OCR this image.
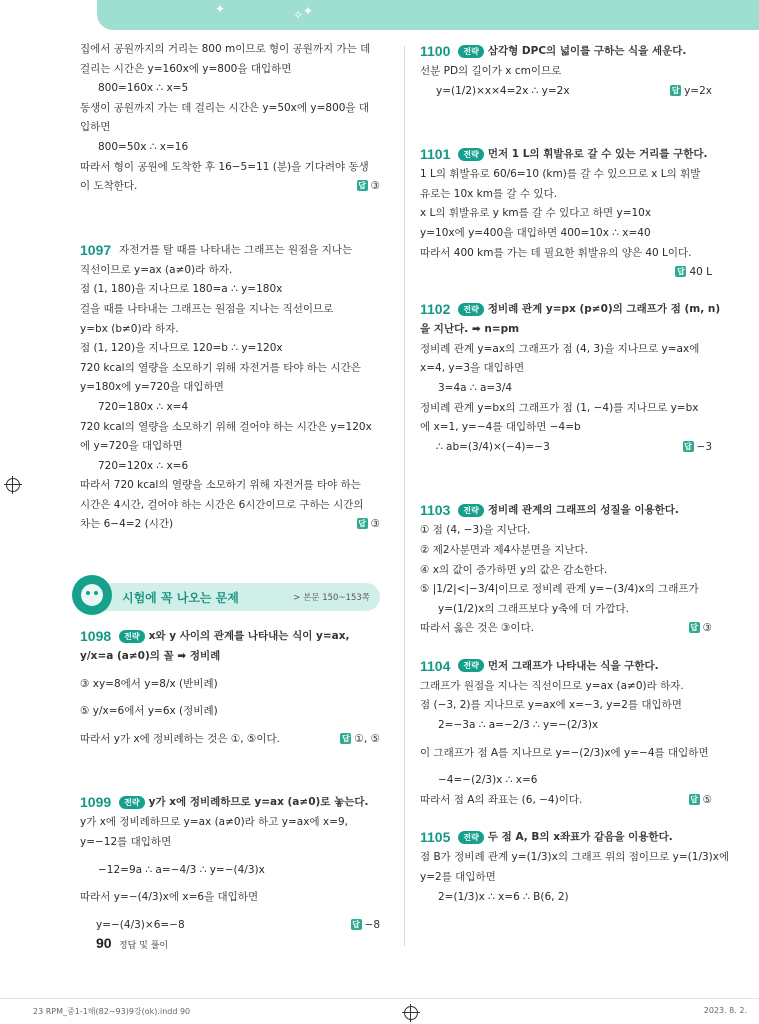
✦	✧ ✦
집에서 공원까지의 거리는 800 m이므로 형이 공원까지 가는 데
걸리는 시간은 y=160x에 y=800을 대입하면
800=160x ∴ x=5
동생이 공원까지 가는 데 걸리는 시간은 y=50x에 y=800을 대
입하면
800=50x ∴ x=16
따라서 형이 공원에 도착한 후 16−5=11 (분)을 기다려야 동생
이 도착한다.	답 ③
1097 자전거를 탈 때를 나타내는 그래프는 원점을 지나는
직선이므로 y=ax (a≠0)라 하자.
점 (1, 180)을 지나므로 180=a ∴ y=180x
걸을 때를 나타내는 그래프는 원점을 지나는 직선이므로
y=bx (b≠0)라 하자.
점 (1, 120)을 지나므로 120=b ∴ y=120x
720 kcal의 열량을 소모하기 위해 자전거를 타야 하는 시간은
y=180x에 y=720을 대입하면
720=180x ∴ x=4
720 kcal의 열량을 소모하기 위해 걸어야 하는 시간은 y=120x
에 y=720을 대입하면
720=120x ∴ x=6
따라서 720 kcal의 열량을 소모하기 위해 자전거를 타야 하는
시간은 4시간, 걸어야 하는 시간은 6시간이므로 구하는 시간의
차는 6−4=2 (시간)	답 ③
시험에 꼭 나오는 문제	> 본문 150~153쪽
1098	전략 x와 y 사이의 관계를 나타내는 식이 y=ax,
y/x=a (a≠0)의 꼴 ➡ 정비례
③ xy=8에서 y=8/x (반비례)
⑤ y/x=6에서 y=6x (정비례)
따라서 y가 x에 정비례하는 것은 ①, ⑤이다.	답 ①, ⑤
1099	전략 y가 x에 정비례하므로 y=ax (a≠0)로 놓는다.
y가 x에 정비례하므로 y=ax (a≠0)라 하고 y=ax에 x=9,
y=−12를 대입하면
−12=9a ∴ a=−4/3 ∴ y=−(4/3)x
따라서 y=−(4/3)x에 x=6을 대입하면
y=−(4/3)×6=−8	답 −8
1100	전략 삼각형 DPC의 넓이를 구하는 식을 세운다.
선분 PD의 길이가 x cm이므로
y=(1/2)×x×4=2x ∴ y=2x	답 y=2x
1101	전략 먼저 1 L의 휘발유로 갈 수 있는 거리를 구한다.
1 L의 휘발유로 60/6=10 (km)를 갈 수 있으므로 x L의 휘발
유로는 10x km를 갈 수 있다.
x L의 휘발유로 y km를 갈 수 있다고 하면 y=10x
y=10x에 y=400을 대입하면 400=10x ∴ x=40
따라서 400 km를 가는 데 필요한 휘발유의 양은 40 L이다.
답 40 L
1102	전략 정비례 관계 y=px (p≠0)의 그래프가 점 (m, n)
을 지난다. ➡ n=pm
정비례 관계 y=ax의 그래프가 점 (4, 3)을 지나므로 y=ax에
x=4, y=3을 대입하면
3=4a ∴ a=3/4
정비례 관계 y=bx의 그래프가 점 (1, −4)를 지나므로 y=bx
에 x=1, y=−4를 대입하면 −4=b
∴ ab=(3/4)×(−4)=−3	답 −3
1103	전략 정비례 관계의 그래프의 성질을 이용한다.
① 점 (4, −3)을 지난다.
② 제2사분면과 제4사분면을 지난다.
④ x의 값이 증가하면 y의 값은 감소한다.
⑤ |1/2|<|−3/4|이므로 정비례 관계 y=−(3/4)x의 그래프가
y=(1/2)x의 그래프보다 y축에 더 가깝다.
따라서 옳은 것은 ③이다.	답 ③
1104	전략 먼저 그래프가 나타내는 식을 구한다.
그래프가 원점을 지나는 직선이므로 y=ax (a≠0)라 하자.
점 (−3, 2)를 지나므로 y=ax에 x=−3, y=2를 대입하면
2=−3a ∴ a=−2/3 ∴ y=−(2/3)x
이 그래프가 점 A를 지나므로 y=−(2/3)x에 y=−4를 대입하면
−4=−(2/3)x ∴ x=6
따라서 점 A의 좌표는 (6, −4)이다.	답 ⑤
1105	전략 두 점 A, B의 x좌표가 같음을 이용한다.
점 B가 정비례 관계 y=(1/3)x의 그래프 위의 점이므로 y=(1/3)x에
y=2를 대입하면
2=(1/3)x ∴ x=6 ∴ B(6, 2)
90 정답 및 풀이
23 RPM_중1-1해(82~93)9강(ok).indd 90	2023. 8. 2.
